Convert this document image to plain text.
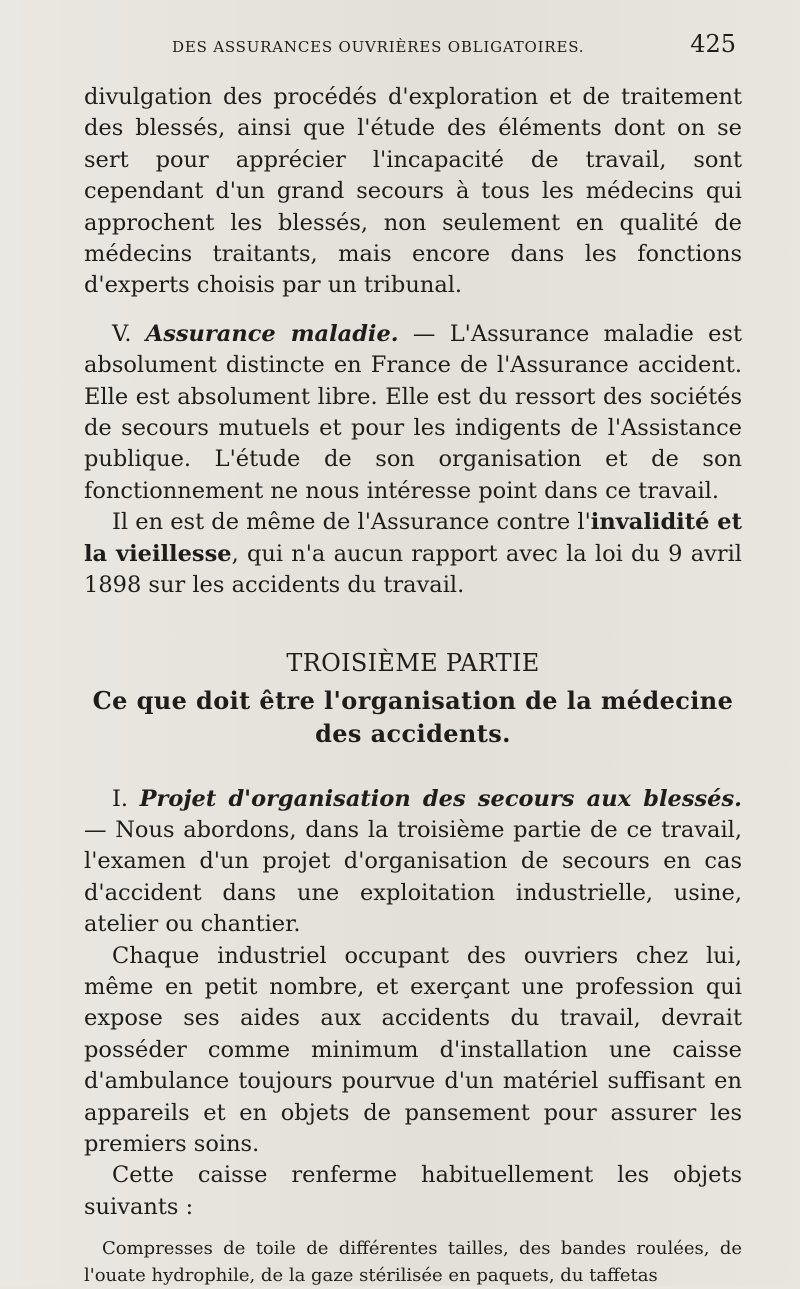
DES ASSURANCES OUVRIÈRES OBLIGATOIRES.	425

divulgation des procédés d'exploration et de traitement des blessés, ainsi que l'étude des éléments dont on se sert pour apprécier l'incapacité de travail, sont cependant d'un grand secours à tous les médecins qui approchent les blessés, non seulement en qualité de médecins traitants, mais encore dans les fonctions d'experts choisis par un tribunal.

V. Assurance maladie. — L'Assurance maladie est absolument distincte en France de l'Assurance accident. Elle est absolument libre. Elle est du ressort des sociétés de secours mutuels et pour les indigents de l'Assistance publique. L'étude de son organisation et de son fonctionnement ne nous intéresse point dans ce travail.

Il en est de même de l'Assurance contre l'invalidité et la vieillesse, qui n'a aucun rapport avec la loi du 9 avril 1898 sur les accidents du travail.

TROISIÈME PARTIE
Ce que doit être l'organisation de la médecine
des accidents.

I. Projet d'organisation des secours aux blessés. — Nous abordons, dans la troisième partie de ce travail, l'examen d'un projet d'organisation de secours en cas d'accident dans une exploitation industrielle, usine, atelier ou chantier.

Chaque industriel occupant des ouvriers chez lui, même en petit nombre, et exerçant une profession qui expose ses aides aux accidents du travail, devrait posséder comme minimum d'installation une caisse d'ambulance toujours pourvue d'un matériel suffisant en appareils et en objets de pansement pour assurer les premiers soins.

Cette caisse renferme habituellement les objets suivants :

Compresses de toile de différentes tailles, des bandes roulées, de l'ouate hydrophile, de la gaze stérilisée en paquets, du taffetas
